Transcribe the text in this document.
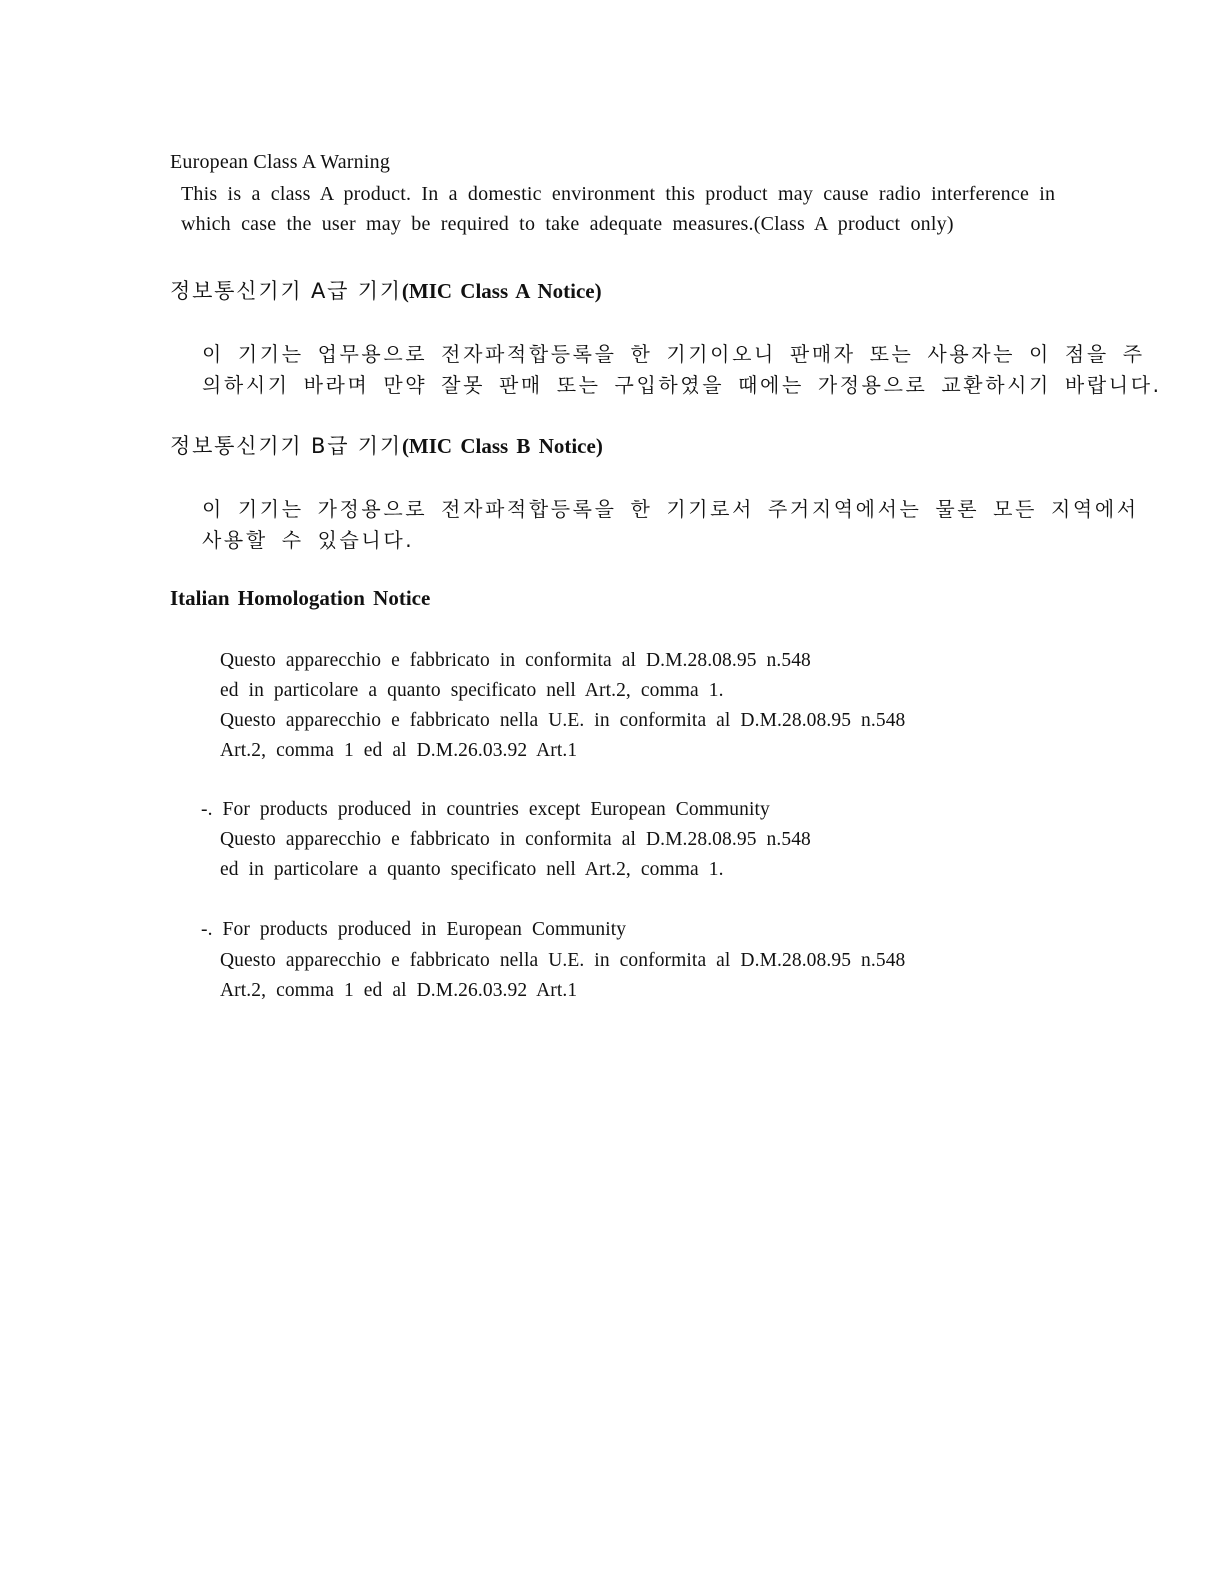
European Class A Warning
This is a class A product. In a domestic environment this product may cause radio interference in
which case the user may be required to take adequate measures.(Class A product only)
정보통신기기 A급 기기(MIC Class A Notice)
이 기기는 업무용으로 전자파적합등록을 한 기기이오니 판매자 또는 사용자는 이 점을 주
의하시기 바라며 만약 잘못 판매 또는 구입하였을 때에는 가정용으로 교환하시기 바랍니다.
정보통신기기 B급 기기(MIC Class B Notice)
이 기기는 가정용으로 전자파적합등록을 한 기기로서 주거지역에서는 물론 모든 지역에서
사용할 수 있습니다.
Italian Homologation Notice
Questo apparecchio e fabbricato in conformita al D.M.28.08.95 n.548
ed in particolare a quanto specificato nell Art.2, comma 1.
Questo apparecchio e fabbricato nella U.E. in conformita al D.M.28.08.95 n.548
Art.2, comma 1 ed al D.M.26.03.92 Art.1
-. For products produced in countries except European Community
Questo apparecchio e fabbricato in conformita al D.M.28.08.95 n.548
ed in particolare a quanto specificato nell Art.2, comma 1.
-. For products produced in European Community
Questo apparecchio e fabbricato nella U.E. in conformita al D.M.28.08.95 n.548
Art.2, comma 1 ed al D.M.26.03.92 Art.1
